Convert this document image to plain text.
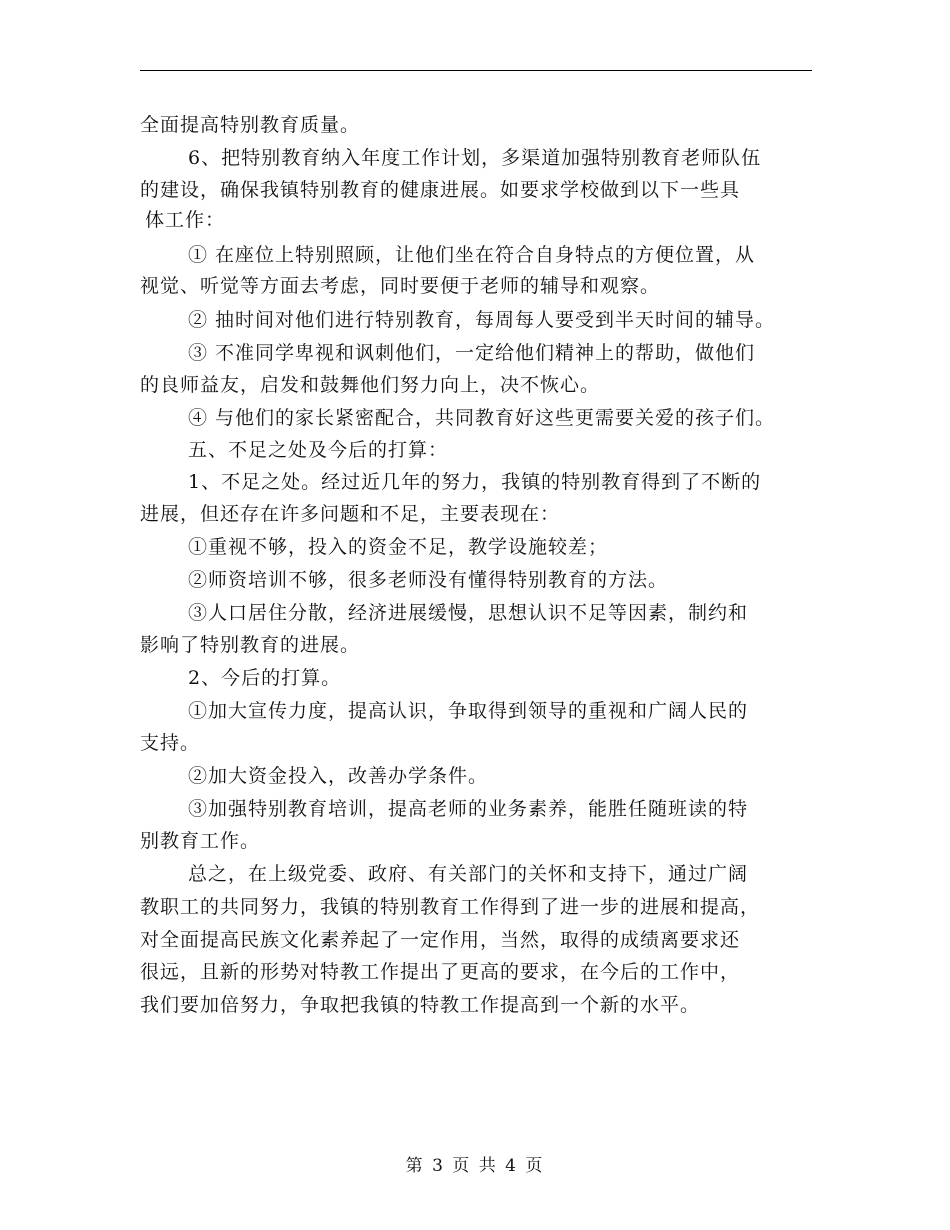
全面提高特别教育质量。
6、把特别教育纳入年度工作计划，多渠道加强特别教育老师队伍
的建设，确保我镇特别教育的健康进展。如要求学校做到以下一些具
体工作：
① 在座位上特别照顾，让他们坐在符合自身特点的方便位置，从
视觉、听觉等方面去考虑，同时要便于老师的辅导和观察。
② 抽时间对他们进行特别教育，每周每人要受到半天时间的辅导。
③ 不准同学卑视和讽刺他们，一定给他们精神上的帮助，做他们
的良师益友，启发和鼓舞他们努力向上，决不恢心。
④ 与他们的家长紧密配合，共同教育好这些更需要关爱的孩子们。
五、不足之处及今后的打算：
1、不足之处。经过近几年的努力，我镇的特别教育得到了不断的
进展，但还存在许多问题和不足，主要表现在：
①重视不够，投入的资金不足，教学设施较差；
②师资培训不够，很多老师没有懂得特别教育的方法。
③人口居住分散，经济进展缓慢，思想认识不足等因素，制约和
影响了特别教育的进展。
2、今后的打算。
①加大宣传力度，提高认识，争取得到领导的重视和广阔人民的
支持。
②加大资金投入，改善办学条件。
③加强特别教育培训，提高老师的业务素养，能胜任随班读的特
别教育工作。
总之，在上级党委、政府、有关部门的关怀和支持下，通过广阔
教职工的共同努力，我镇的特别教育工作得到了进一步的进展和提高，
对全面提高民族文化素养起了一定作用，当然，取得的成绩离要求还
很远，且新的形势对特教工作提出了更高的要求，在今后的工作中，
我们要加倍努力，争取把我镇的特教工作提高到一个新的水平。
第 3 页 共 4 页
